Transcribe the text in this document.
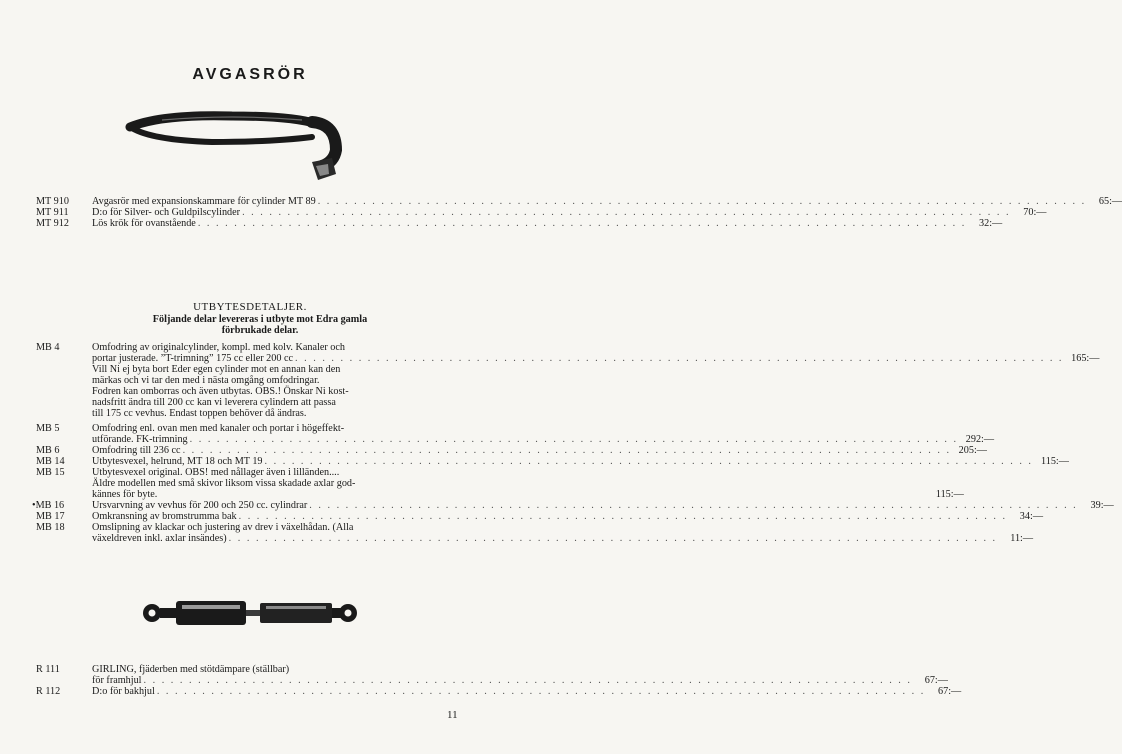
AVGASRÖR
MT 910	Avgasrör med expansionskammare för cylinder MT 89 . . .	65:—
MT 911	D:o för Silver- och Guldpilscylinder . . .	70:—
MT 912	Lös krök för ovanstående . . .	32:—
UTBYTESDETALJER.
Följande delar levereras i utbyte mot Edra gamla förbrukade delar.
MB 4	Omfodring av originalcylinder, kompl. med kolv. Kanaler och
portar justerade. ”T-trimning” 175 cc eller 200 cc . . .	165:—
Vill Ni ej byta bort Eder egen cylinder mot en annan kan den
märkas och vi tar den med i nästa omgång omfodringar.
Fodren kan omborras och även utbytas. OBS.! Önskar Ni kost-
nadsfritt ändra till 200 cc kan vi leverera cylindern att passa
till 175 cc vevhus. Endast toppen behöver då ändras.
MB 5	Omfodring enl. ovan men med kanaler och portar i högeffekt-
utförande. FK-trimning . . .	292:—
MB 6	Omfodring till 236 cc . . .	205:—
MB 14	Utbytesvexel, helrund, MT 18 och MT 19 . . .	115:—
MB 15	Utbytesvexel original. OBS! med nållager även i lilländen....
Äldre modellen med små skivor liksom vissa skadade axlar god-
kännes för byte.	115:—
•MB 16	Ursvarvning av vevhus för 200 och 250 cc. cylindrar . . .	39:—
MB 17	Omkransning av bromstrumma bak . . .	34:—
MB 18	Omslipning av klackar och justering av drev i växelhådan. (Alla
växeldreven inkl. axlar insändes) . . .	11:—
R 111	GIRLING, fjäderben med stötdämpare (ställbar)
för framhjul . . .	67:—
R 112	D:o för bakhjul . . .	67:—
11
